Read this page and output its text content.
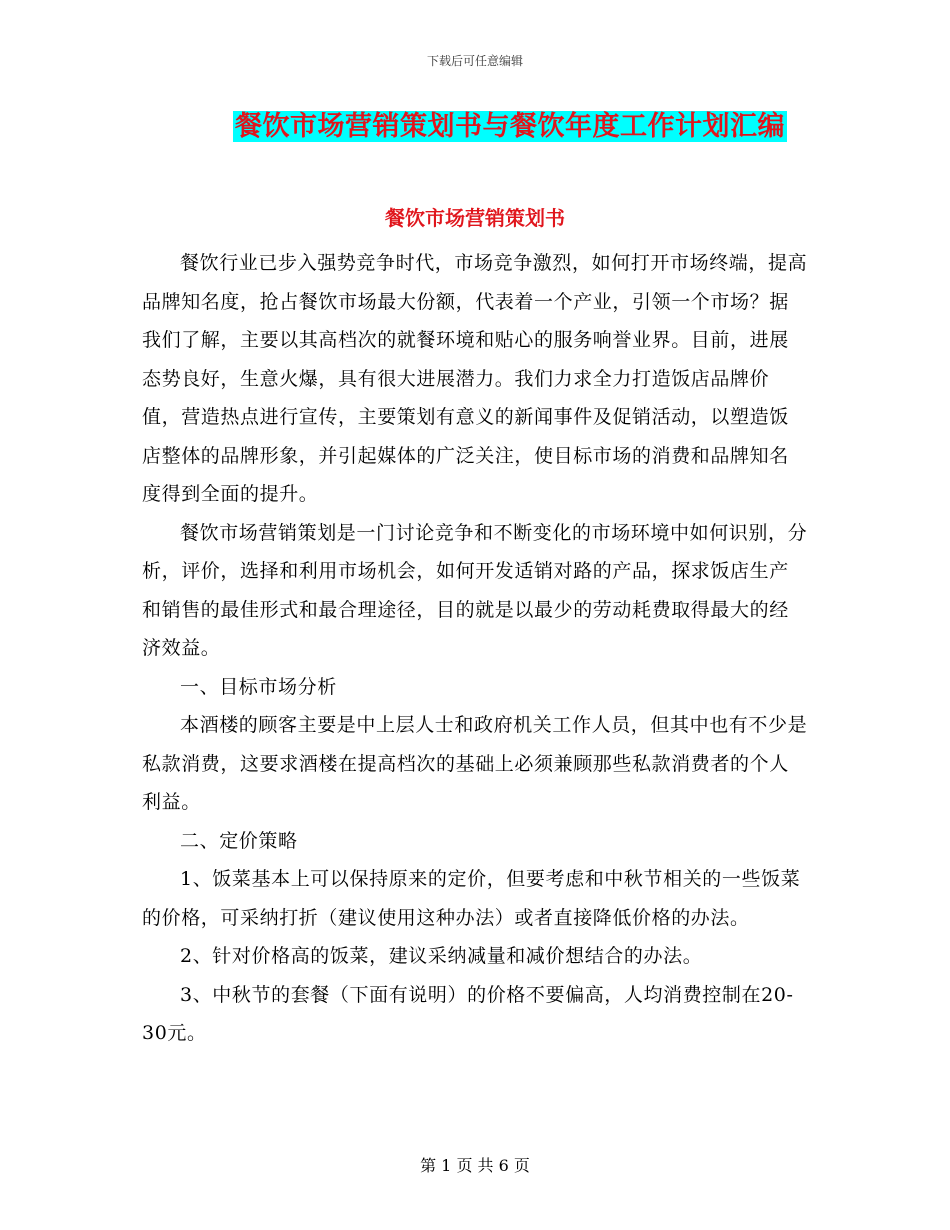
下载后可任意编辑
餐饮市场营销策划书与餐饮年度工作计划汇编
餐饮市场营销策划书

餐饮行业已步入强势竞争时代，市场竞争激烈，如何打开市场终端，提高品牌知名度，抢占餐饮市场最大份额，代表着一个产业，引领一个市场？据我们了解，主要以其高档次的就餐环境和贴心的服务响誉业界。目前，进展态势良好，生意火爆，具有很大进展潜力。我们力求全力打造饭店品牌价值，营造热点进行宣传，主要策划有意义的新闻事件及促销活动，以塑造饭店整体的品牌形象，并引起媒体的广泛关注，使目标市场的消费和品牌知名度得到全面的提升。

餐饮市场营销策划是一门讨论竞争和不断变化的市场环境中如何识别，分析，评价，选择和利用市场机会，如何开发适销对路的产品，探求饭店生产和销售的最佳形式和最合理途径，目的就是以最少的劳动耗费取得最大的经济效益。

一、目标市场分析

本酒楼的顾客主要是中上层人士和政府机关工作人员，但其中也有不少是私款消费，这要求酒楼在提高档次的基础上必须兼顾那些私款消费者的个人利益。

二、定价策略

1、饭菜基本上可以保持原来的定价，但要考虑和中秋节相关的一些饭菜的价格，可采纳打折（建议使用这种办法）或者直接降低价格的办法。

2、针对价格高的饭菜，建议采纳减量和减价想结合的办法。

3、中秋节的套餐（下面有说明）的价格不要偏高，人均消费控制在20-30元。

第 1 页 共 6 页
